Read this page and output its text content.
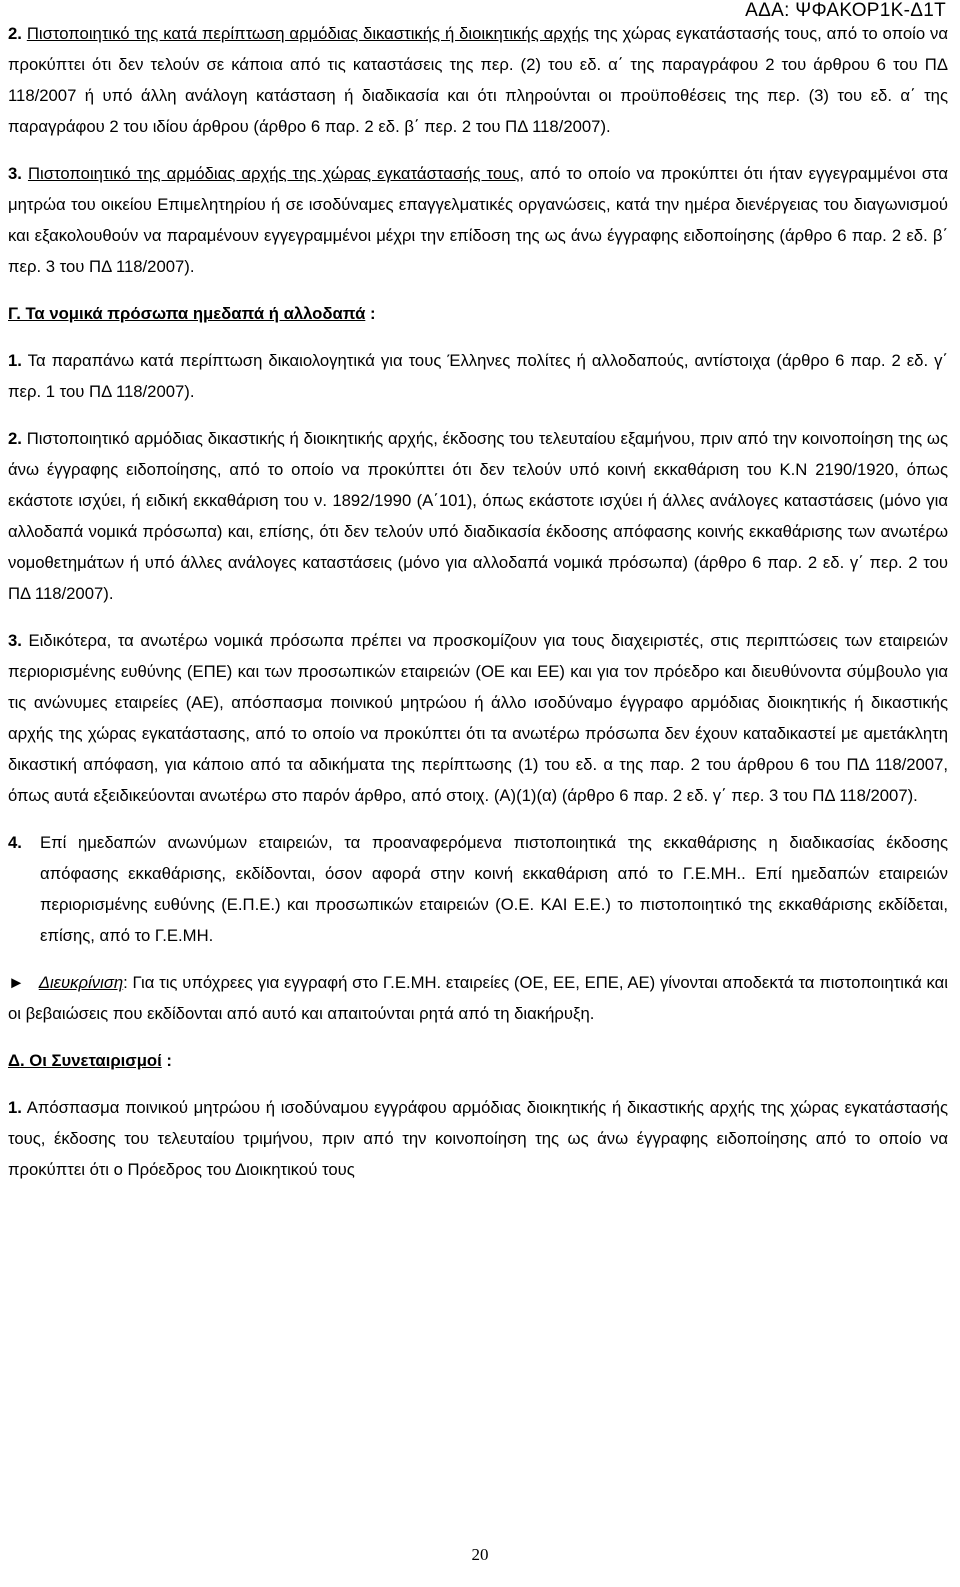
ΑΔΑ: ΨΦΑΚΟΡ1Κ-Δ1Τ

2. Πιστοποιητικό της κατά περίπτωση αρμόδιας δικαστικής ή διοικητικής αρχής της χώρας εγκατάστασής τους, από το οποίο να προκύπτει ότι δεν τελούν σε κάποια από τις καταστάσεις της περ. (2) του εδ. α΄ της παραγράφου 2 του άρθρου 6 του ΠΔ 118/2007 ή υπό άλλη ανάλογη κατάσταση ή διαδικασία και ότι πληρούνται οι προϋποθέσεις της περ. (3) του εδ. α΄ της παραγράφου 2 του ιδίου άρθρου (άρθρο 6 παρ. 2 εδ. β΄ περ. 2 του ΠΔ 118/2007).

3. Πιστοποιητικό της αρμόδιας αρχής της χώρας εγκατάστασής τους, από το οποίο να προκύπτει ότι ήταν εγγεγραμμένοι στα μητρώα του οικείου Επιμελητηρίου ή σε ισοδύναμες επαγγελματικές οργανώσεις, κατά την ημέρα διενέργειας του διαγωνισμού και εξακολουθούν να παραμένουν εγγεγραμμένοι μέχρι την επίδοση της ως άνω έγγραφης ειδοποίησης (άρθρο 6 παρ. 2 εδ. β΄ περ. 3 του ΠΔ 118/2007).

Γ. Τα νομικά πρόσωπα ημεδαπά ή αλλοδαπά :

1. Τα παραπάνω κατά περίπτωση δικαιολογητικά για τους Έλληνες πολίτες ή αλλοδαπούς, αντίστοιχα (άρθρο 6 παρ. 2 εδ. γ΄ περ. 1 του ΠΔ 118/2007).

2. Πιστοποιητικό αρμόδιας δικαστικής ή διοικητικής αρχής, έκδοσης του τελευταίου εξαμήνου, πριν από την κοινοποίηση της ως άνω έγγραφης ειδοποίησης, από το οποίο να προκύπτει ότι δεν τελούν υπό κοινή εκκαθάριση του Κ.Ν 2190/1920, όπως εκάστοτε ισχύει, ή ειδική εκκαθάριση του ν. 1892/1990 (Α΄101), όπως εκάστοτε ισχύει ή άλλες ανάλογες καταστάσεις (μόνο για αλλοδαπά νομικά πρόσωπα) και, επίσης, ότι δεν τελούν υπό διαδικασία έκδοσης απόφασης κοινής εκκαθάρισης των ανωτέρω νομοθετημάτων ή υπό άλλες ανάλογες καταστάσεις (μόνο για αλλοδαπά νομικά πρόσωπα) (άρθρο 6 παρ. 2 εδ. γ΄ περ. 2 του ΠΔ 118/2007).

3. Ειδικότερα, τα ανωτέρω νομικά πρόσωπα πρέπει να προσκομίζουν για τους διαχειριστές, στις περιπτώσεις των εταιρειών περιορισμένης ευθύνης (ΕΠΕ) και των προσωπικών εταιρειών (ΟΕ και ΕΕ) και για τον πρόεδρο και διευθύνοντα σύμβουλο για τις ανώνυμες εταιρείες (ΑΕ), απόσπασμα ποινικού μητρώου ή άλλο ισοδύναμο έγγραφο αρμόδιας διοικητικής ή δικαστικής αρχής της χώρας εγκατάστασης, από το οποίο να προκύπτει ότι τα ανωτέρω πρόσωπα δεν έχουν καταδικαστεί με αμετάκλητη δικαστική απόφαση, για κάποιο από τα αδικήματα της περίπτωσης (1) του εδ. α της παρ. 2 του άρθρου 6 του ΠΔ 118/2007, όπως αυτά εξειδικεύονται ανωτέρω στο παρόν άρθρο, από στοιχ. (Α)(1)(α) (άρθρο 6 παρ. 2 εδ. γ΄ περ. 3 του ΠΔ 118/2007).

4. Επί ημεδαπών ανωνύμων εταιρειών, τα προαναφερόμενα πιστοποιητικά της εκκαθάρισης η διαδικασίας έκδοσης απόφασης εκκαθάρισης, εκδίδονται, όσον αφορά στην κοινή εκκαθάριση από το Γ.Ε.ΜΗ.. Επί ημεδαπών εταιρειών περιορισμένης ευθύνης (Ε.Π.Ε.) και προσωπικών εταιρειών (Ο.Ε. ΚΑΙ Ε.Ε.) το πιστοποιητικό της εκκαθάρισης εκδίδεται, επίσης, από το Γ.Ε.ΜΗ.

► Διευκρίνιση: Για τις υπόχρεες για εγγραφή στο Γ.Ε.ΜΗ. εταιρείες (ΟΕ, ΕΕ, ΕΠΕ, ΑΕ) γίνονται αποδεκτά τα πιστοποιητικά και οι βεβαιώσεις που εκδίδονται από αυτό και απαιτούνται ρητά από τη διακήρυξη.

Δ. Οι Συνεταιρισμοί :

1. Απόσπασμα ποινικού μητρώου ή ισοδύναμου εγγράφου αρμόδιας διοικητικής ή δικαστικής αρχής της χώρας εγκατάστασής τους, έκδοσης του τελευταίου τριμήνου, πριν από την κοινοποίηση της ως άνω έγγραφης ειδοποίησης από το οποίο να προκύπτει ότι ο Πρόεδρος του Διοικητικού τους

20
